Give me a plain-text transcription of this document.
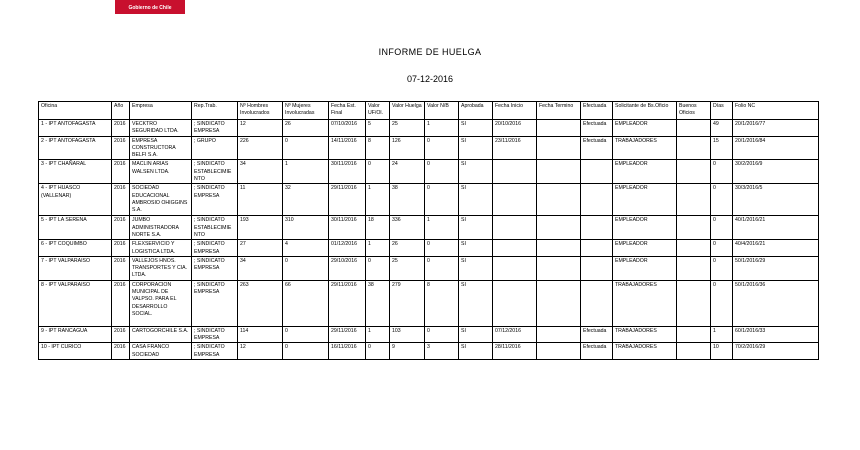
Gobierno de Chile
INFORME DE HUELGA
07-12-2016
Oficina	Año	Empresa	Rep.Trab.	Nº Hombres Involucrados	Nº Mujeres Involucradas	Fecha Est. Final	Valor UF/Ol.	Valor Huelga	Valor N/B	Aprobada	Fecha Inicio	Fecha Termino	Efectuada	Solicitante de Bs.Oficio	Buenos Oficios	Días	Folio NC
1 - IPT ANTOFAGASTA	2016	VECKTRO SEGURIDAD LTDA.	; SINDICATO EMPRESA	12	26	07/10/2016	5	25	1	SI	20/10/2016		Efectuada	EMPLEADOR		49	20/1/2016/77
2 - IPT ANTOFAGASTA	2016	EMPRESA CONSTRUCTORA BELFI S.A.	; GRUPO	226	0	14/11/2016	8	126	0	SI	23/11/2016		Efectuada	TRABAJADORES		15	20/1/2016/84
3 - IPT CHAÑARAL	2016	MACLIN ARIAS WALSEN LTDA.	; SINDICATO ESTABLECIMIENTO	34	1	30/11/2016	0	24	0	SI				EMPLEADOR		0	30/2/2016/9
4 - IPT HUASCO (VALLENAR)	2016	SOCIEDAD EDUCACIONAL AMBROSIO OHIGGINS S.A.	; SINDICATO EMPRESA	11	32	29/11/2016	1	38	0	SI				EMPLEADOR		0	30/3/2016/5
5 - IPT LA SERENA	2016	JUMBO ADMINISTRADORA NORTE S.A.	; SINDICATO ESTABLECIMIENTO	193	310	30/11/2016	18	336	1	SI				EMPLEADOR		0	40/1/2016/21
6 - IPT COQUIMBO	2016	FLEXSERVICIO Y LOGISTICA LTDA.	; SINDICATO EMPRESA	27	4	01/12/2016	1	26	0	SI				EMPLEADOR		0	40/4/2016/21
7 - IPT VALPARAISO	2016	VALLEJOS HNOS. TRANSPORTES Y CIA. LTDA.	; SINDICATO EMPRESA	34	0	29/10/2016	0	25	0	SI				EMPLEADOR		0	50/1/2016/29
8 - IPT VALPARAISO	2016	CORPORACION MUNICIPAL DE VALPSO. PARA EL DESARROLLO SOCIAL.	; SINDICATO EMPRESA	263	66	29/11/2016	38	279	8	SI				TRABAJADORES		0	50/1/2016/36
9 - IPT RANCAGUA	2016	CARTOGORCHILE S.A.	; SINDICATO EMPRESA	114	0	29/11/2016	1	103	0	SI	07/12/2016		Efectuada	TRABAJADORES		1	60/1/2016/33
10 - IPT CURICO	2016	CASA FRANCO SOCIEDAD	; SINDICATO EMPRESA	12	0	16/11/2016	0	9	3	SI	28/11/2016		Efectuada	TRABAJADORES		10	70/2/2016/29
